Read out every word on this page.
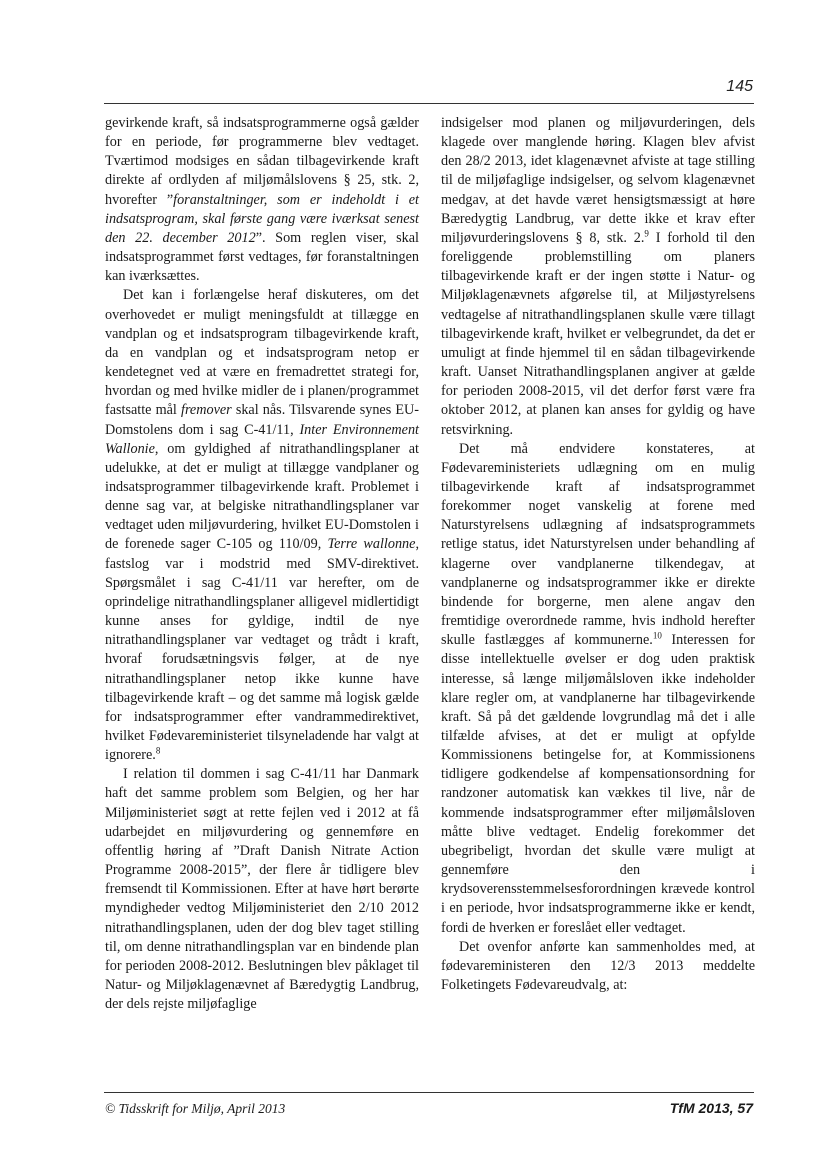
145

gevirkende kraft, så indsatsprogrammerne også gælder for en periode, før programmerne blev vedtaget. Tværtimod modsiges en sådan tilbagevirkende kraft direkte af ordlyden af miljømålslovens § 25, stk. 2, hvorefter ”foranstaltninger, som er indeholdt i et indsatsprogram, skal første gang være iværksat senest den 22. december 2012”. Som reglen viser, skal indsatsprogrammet først vedtages, før foranstaltningen kan iværksættes.

Det kan i forlængelse heraf diskuteres, om det overhovedet er muligt meningsfuldt at tillægge en vandplan og et indsatsprogram tilbagevirkende kraft, da en vandplan og et indsatsprogram netop er kendetegnet ved at være en fremadrettet strategi for, hvordan og med hvilke midler de i planen/programmet fastsatte mål fremover skal nås. Tilsvarende synes EU-Domstolens dom i sag C-41/11, Inter Environnement Wallonie, om gyldighed af nitrathandlingsplaner at udelukke, at det er muligt at tillægge vandplaner og indsatsprogrammer tilbagevirkende kraft. Problemet i denne sag var, at belgiske nitrathandlingsplaner var vedtaget uden miljøvurdering, hvilket EU-Domstolen i de forenede sager C-105 og 110/09, Terre wallonne, fastslog var i modstrid med SMV-direktivet. Spørgsmålet i sag C-41/11 var herefter, om de oprindelige nitrathandlingsplaner alligevel midlertidigt kunne anses for gyldige, indtil de nye nitrathandlingsplaner var vedtaget og trådt i kraft, hvoraf forudsætningsvis følger, at de nye nitrathandlingsplaner netop ikke kunne have tilbagevirkende kraft – og det samme må logisk gælde for indsatsprogrammer efter vandrammedirektivet, hvilket Fødevareministeriet tilsyneladende har valgt at ignorere.$^8$

I relation til dommen i sag C-41/11 har Danmark haft det samme problem som Belgien, og her har Miljøministeriet søgt at rette fejlen ved i 2012 at få udarbejdet en miljøvurdering og gennemføre en offentlig høring af ”Draft Danish Nitrate Action Programme 2008-2015”, der flere år tidligere blev fremsendt til Kommissionen. Efter at have hørt berørte myndigheder vedtog Miljøministeriet den 2/10 2012 nitrathandlingsplanen, uden der dog blev taget stilling til, om denne nitrathandlingsplan var en bindende plan for perioden 2008-2012. Beslutningen blev påklaget til Natur- og Miljøklagenævnet af Bæredygtig Landbrug, der dels rejste miljøfaglige

indsigelser mod planen og miljøvurderingen, dels klagede over manglende høring. Klagen blev afvist den 28/2 2013, idet klagenævnet afviste at tage stilling til de miljøfaglige indsigelser, og selvom klagenævnet medgav, at det havde været hensigtsmæssigt at høre Bæredygtig Landbrug, var dette ikke et krav efter miljøvurderingslovens § 8, stk. 2.$^9$ I forhold til den foreliggende problemstilling om planers tilbagevirkende kraft er der ingen støtte i Natur- og Miljøklagenævnets afgørelse til, at Miljøstyrelsens vedtagelse af nitrathandlingsplanen skulle være tillagt tilbagevirkende kraft, hvilket er velbegrundet, da det er umuligt at finde hjemmel til en sådan tilbagevirkende kraft. Uanset Nitrathandlingsplanen angiver at gælde for perioden 2008-2015, vil det derfor først være fra oktober 2012, at planen kan anses for gyldig og have retsvirkning.

Det må endvidere konstateres, at Fødevareministeriets udlægning om en mulig tilbagevirkende kraft af indsatsprogrammet forekommer noget vanskelig at forene med Naturstyrelsens udlægning af indsatsprogrammets retlige status, idet Naturstyrelsen under behandling af klagerne over vandplanerne tilkendegav, at vandplanerne og indsatsprogrammer ikke er direkte bindende for borgerne, men alene angav den fremtidige overordnede ramme, hvis indhold herefter skulle fastlægges af kommunerne.$^{10}$ Interessen for disse intellektuelle øvelser er dog uden praktisk interesse, så længe miljømålsloven ikke indeholder klare regler om, at vandplanerne har tilbagevirkende kraft. Så på det gældende lovgrundlag må det i alle tilfælde afvises, at det er muligt at opfylde Kommissionens betingelse for, at Kommissionens tidligere godkendelse af kompensationsordning for randzoner automatisk kan vækkes til live, når de kommende indsatsprogrammer efter miljømålsloven måtte blive vedtaget. Endelig forekommer det ubegribeligt, hvordan det skulle være muligt at gennemføre den i krydsoverensstemmelsesforordningen krævede kontrol i en periode, hvor indsatsprogrammerne ikke er kendt, fordi de hverken er foreslået eller vedtaget.

Det ovenfor anførte kan sammenholdes med, at fødevareministeren den 12/3 2013 meddelte Folketingets Fødevareudvalg, at:

© Tidsskrift for Miljø, April 2013	TfM 2013, 57
